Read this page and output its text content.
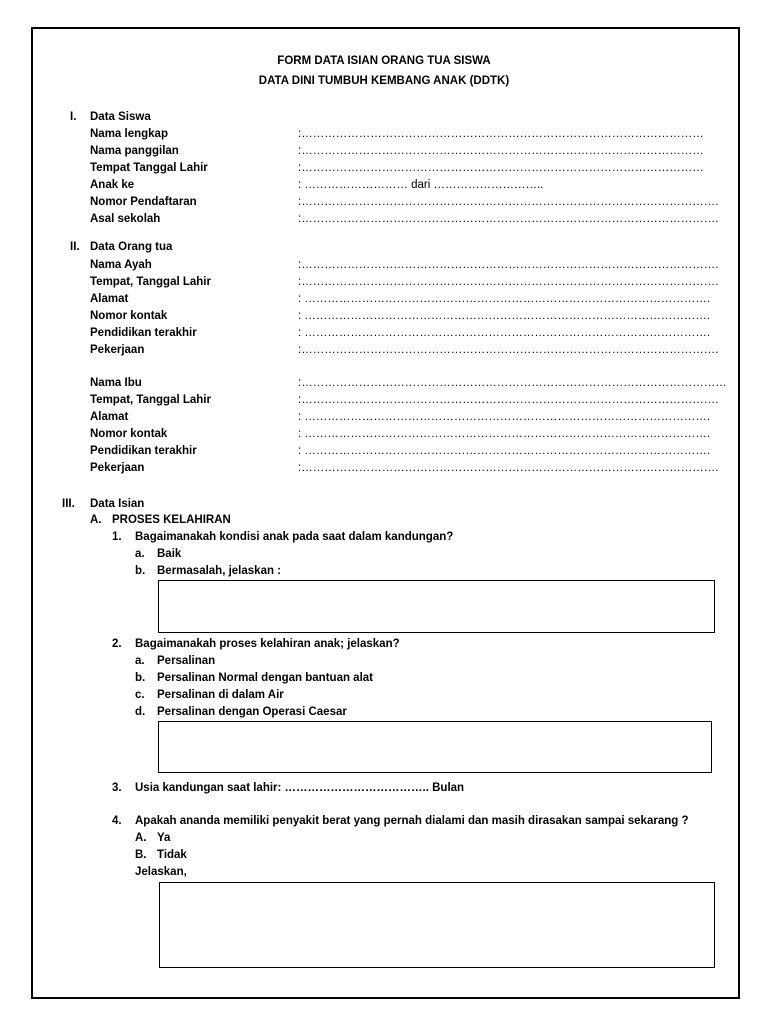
FORM DATA ISIAN ORANG TUA SISWA
DATA DINI TUMBUH KEMBANG ANAK (DDTK)
I. Data Siswa
Nama lengkap	:……………………………………………………………………………………………
Nama panggilan	:……………………………………………………………………………………………
Tempat Tanggal Lahir	:……………………………………………………………………………………………
Anak ke	: ……………………… dari ………………………..
Nomor Pendaftaran	:……………………………………………………………………………………………….
Asal sekolah	:……………………………………………………………………………………………….
II. Data Orang tua
Nama Ayah	:……………………………………………………………………………………………….
Tempat, Tanggal Lahir	:……………………………………………………………………………………………….
Alamat	: …………………………………………………………………………………………….
Nomor kontak	: …………………………………………………………………………………………….
Pendidikan terakhir	: …………………………………………………………………………………………….
Pekerjaan	:……………………………………………………………………………………………….
Nama Ibu	:…………………………………………………………………………………………………
Tempat, Tanggal Lahir	:……………………………………………………………………………………………….
Alamat	: …………………………………………………………………………………………….
Nomor kontak	: …………………………………………………………………………………………….
Pendidikan terakhir	: …………………………………………………………………………………………….
Pekerjaan	:……………………………………………………………………………………………….
III. Data Isian
A. PROSES KELAHIRAN
1. Bagaimanakah kondisi anak pada saat dalam kandungan?
a. Baik
b. Bermasalah, jelaskan :
2. Bagaimanakah proses kelahiran anak; jelaskan?
a. Persalinan
b. Persalinan Normal dengan bantuan alat
c. Persalinan di dalam Air
d. Persalinan dengan Operasi Caesar
3. Usia kandungan saat lahir: ……………………………….. Bulan
4. Apakah ananda memiliki penyakit berat yang pernah dialami dan masih dirasakan sampai sekarang ?
A. Ya
B. Tidak
Jelaskan,
